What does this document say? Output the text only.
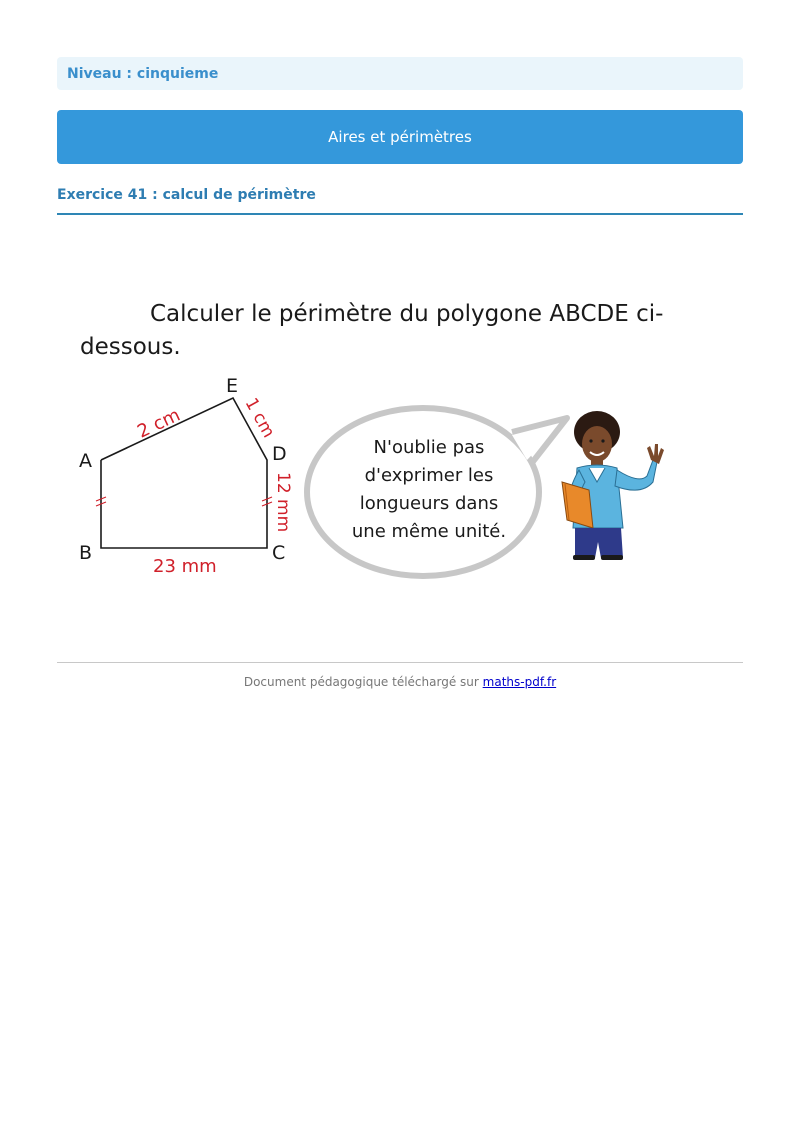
Niveau : cinquieme
Aires et périmètres
Exercice 41 : calcul de périmètre

Calculer le périmètre du polygone ABCDE ci-dessous.

A
B	C
D
E
2 cm	1 cm
12 mm
23 mm
N'oublie pas
d'exprimer les
longueurs dans
une même unité.
Document pédagogique téléchargé sur maths-pdf.fr
